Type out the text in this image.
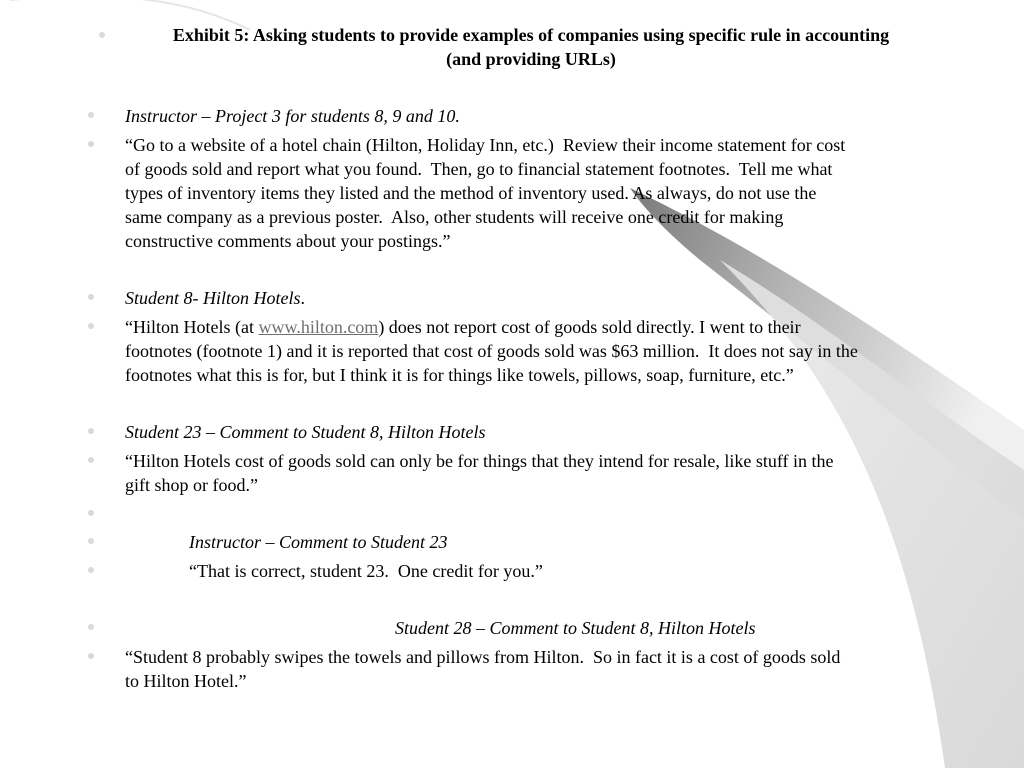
Exhibit 5: Asking students to provide examples of companies using specific rule in accounting
(and providing URLs)
Instructor – Project 3 for students 8, 9 and 10.
“Go to a website of a hotel chain (Hilton, Holiday Inn, etc.)  Review their income statement for cost
of goods sold and report what you found.  Then, go to financial statement footnotes.  Tell me what
types of inventory items they listed and the method of inventory used. As always, do not use the
same company as a previous poster.  Also, other students will receive one credit for making
constructive comments about your postings.”
Student 8- Hilton Hotels.
“Hilton Hotels (at www.hilton.com) does not report cost of goods sold directly. I went to their
footnotes (footnote 1) and it is reported that cost of goods sold was $63 million.  It does not say in the
footnotes what this is for, but I think it is for things like towels, pillows, soap, furniture, etc.”
Student 23 – Comment to Student 8, Hilton Hotels
“Hilton Hotels cost of goods sold can only be for things that they intend for resale, like stuff in the
gift shop or food.”
Instructor – Comment to Student 23
“That is correct, student 23.  One credit for you.”
Student 28 – Comment to Student 8, Hilton Hotels
“Student 8 probably swipes the towels and pillows from Hilton.  So in fact it is a cost of goods sold
to Hilton Hotel.”
